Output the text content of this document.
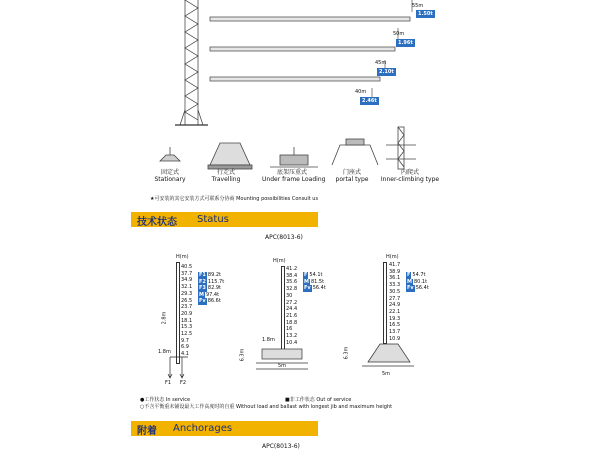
55m
1.50t
50m
1.96t
45m
2.10t
40m
2.46t
固定式
Stationary
行走式
Travelling
底架压重式
Under frame Loading
门座式
portal type
内爬式
Inner-climbing type
★可安装的其它安装方式可联系分协商 Mounting possibilities Consult us
技术状态 Status
APC(8013-6)
H(m)
40.5
37.7
34.9
32.1
29.3
26.5
23.7
20.9
18.1
15.3
12.5
9.7
6.9
4.1
F1 89.2t
F2 115.7t
F3 82.9t
M 97.4t
Fv 86.6t
2.8m
1.8m
F1 F2
H(m)
41.2
38.4
35.6
32.8
30
27.2
24.4
21.6
18.8
16
13.2
10.4
F 54.1t
M 81.5t
Fv 56.4t
1.8m
6.3m
5m
H(m)
41.7
38.9
36.1
33.3
30.5
27.7
24.9
22.1
19.3
16.5
13.7
10.9
F 54.7t
M 80.1t
Fv 56.4t
6.3m
5m
●工作状态 In service	■非工作状态 Out of service
○不含平衡重未铺设最大工作高度时的自重 Without load and ballast with longest jib and maximum height
附着 Anchorages
APC(8013-6)
